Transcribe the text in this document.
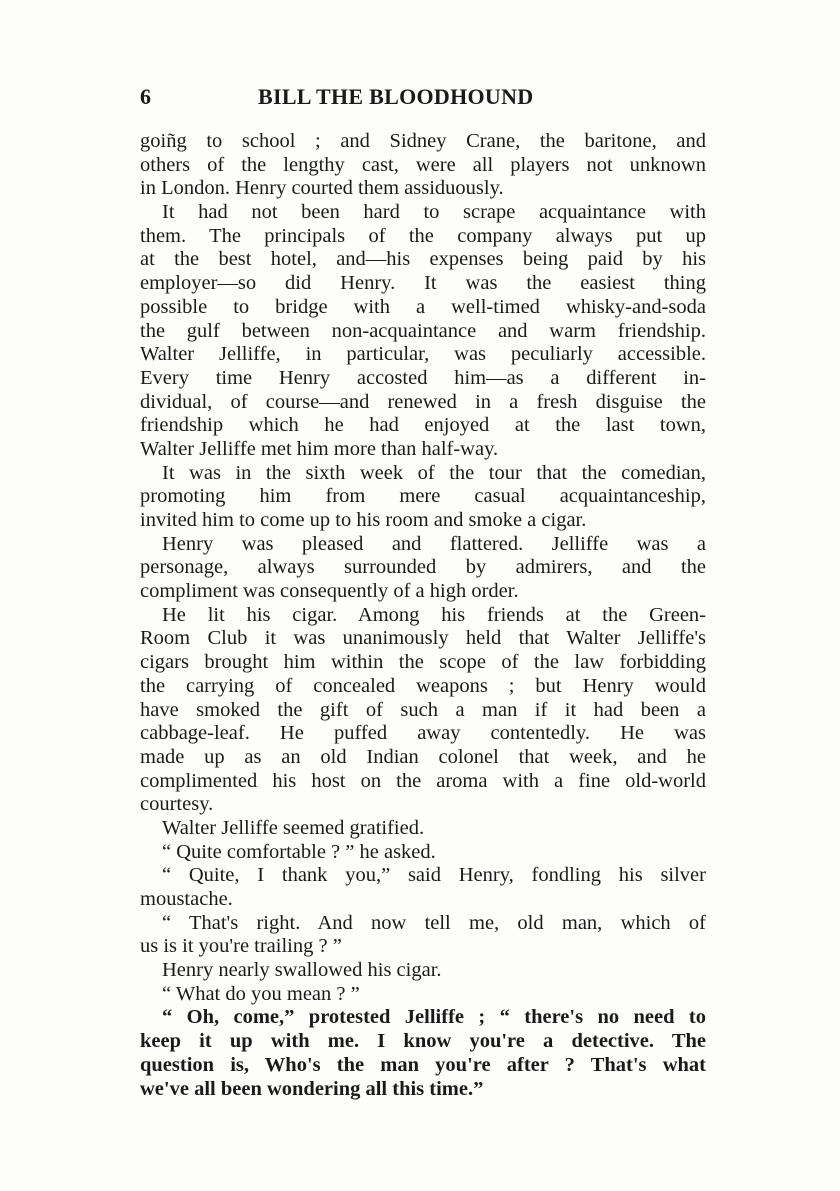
6	BILL THE BLOODHOUND
goiñg to school ; and Sidney Crane, the baritone, and
others of the lengthy cast, were all players not unknown
in London. Henry courted them assiduously.
It had not been hard to scrape acquaintance with
them. The principals of the company always put up
at the best hotel, and—his expenses being paid by his
employer—so did Henry. It was the easiest thing
possible to bridge with a well-timed whisky-and-soda
the gulf between non-acquaintance and warm friendship.
Walter Jelliffe, in particular, was peculiarly accessible.
Every time Henry accosted him—as a different in-
dividual, of course—and renewed in a fresh disguise the
friendship which he had enjoyed at the last town,
Walter Jelliffe met him more than half-way.
It was in the sixth week of the tour that the comedian,
promoting him from mere casual acquaintanceship,
invited him to come up to his room and smoke a cigar.
Henry was pleased and flattered. Jelliffe was a
personage, always surrounded by admirers, and the
compliment was consequently of a high order.
He lit his cigar. Among his friends at the Green-
Room Club it was unanimously held that Walter Jelliffe's
cigars brought him within the scope of the law forbidding
the carrying of concealed weapons ; but Henry would
have smoked the gift of such a man if it had been a
cabbage-leaf. He puffed away contentedly. He was
made up as an old Indian colonel that week, and he
complimented his host on the aroma with a fine old-world
courtesy.
Walter Jelliffe seemed gratified.
“ Quite comfortable ? ” he asked.
“ Quite, I thank you,” said Henry, fondling his silver
moustache.
“ That's right. And now tell me, old man, which of
us is it you're trailing ? ”
Henry nearly swallowed his cigar.
“ What do you mean ? ”
“ Oh, come,” protested Jelliffe ; “ there's no need to
keep it up with me. I know you're a detective. The
question is, Who's the man you're after ? That's what
we've all been wondering all this time.”
